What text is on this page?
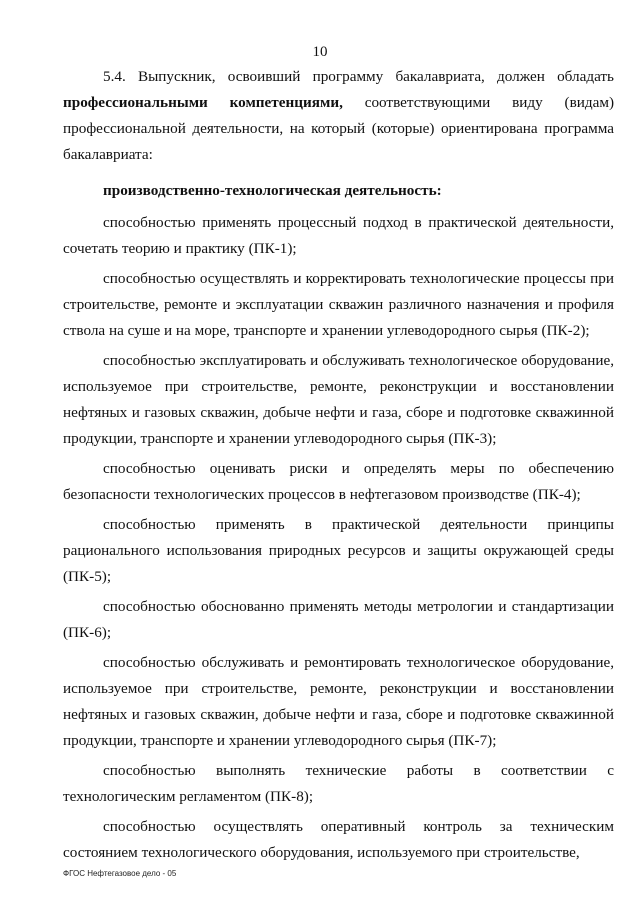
10

5.4. Выпускник, освоивший программу бакалавриата, должен обладать профессиональными компетенциями, соответствующими виду (видам) профессиональной деятельности, на который (которые) ориентирована программа бакалавриата:

производственно-технологическая деятельность:

способностью применять процессный подход в практической деятельности, сочетать теорию и практику (ПК-1);

способностью осуществлять и корректировать технологические процессы при строительстве, ремонте и эксплуатации скважин различного назначения и профиля ствола на суше и на море, транспорте и хранении углеводородного сырья (ПК-2);

способностью эксплуатировать и обслуживать технологическое оборудование, используемое при строительстве, ремонте, реконструкции и восстановлении нефтяных и газовых скважин, добыче нефти и газа, сборе и подготовке скважинной продукции, транспорте и хранении углеводородного сырья (ПК-3);

способностью оценивать риски и определять меры по обеспечению безопасности технологических процессов в нефтегазовом производстве (ПК-4);

способностью применять в практической деятельности принципы рационального использования природных ресурсов и защиты окружающей среды (ПК-5);

способностью обоснованно применять методы метрологии и стандартизации (ПК-6);

способностью обслуживать и ремонтировать технологическое оборудование, используемое при строительстве, ремонте, реконструкции и восстановлении нефтяных и газовых скважин, добыче нефти и газа, сборе и подготовке скважинной продукции, транспорте и хранении углеводородного сырья (ПК-7);

способностью выполнять технические работы в соответствии с технологическим регламентом (ПК-8);

способностью осуществлять оперативный контроль за техническим состоянием технологического оборудования, используемого при строительстве,

ФГОС Нефтегазовое дело - 05
